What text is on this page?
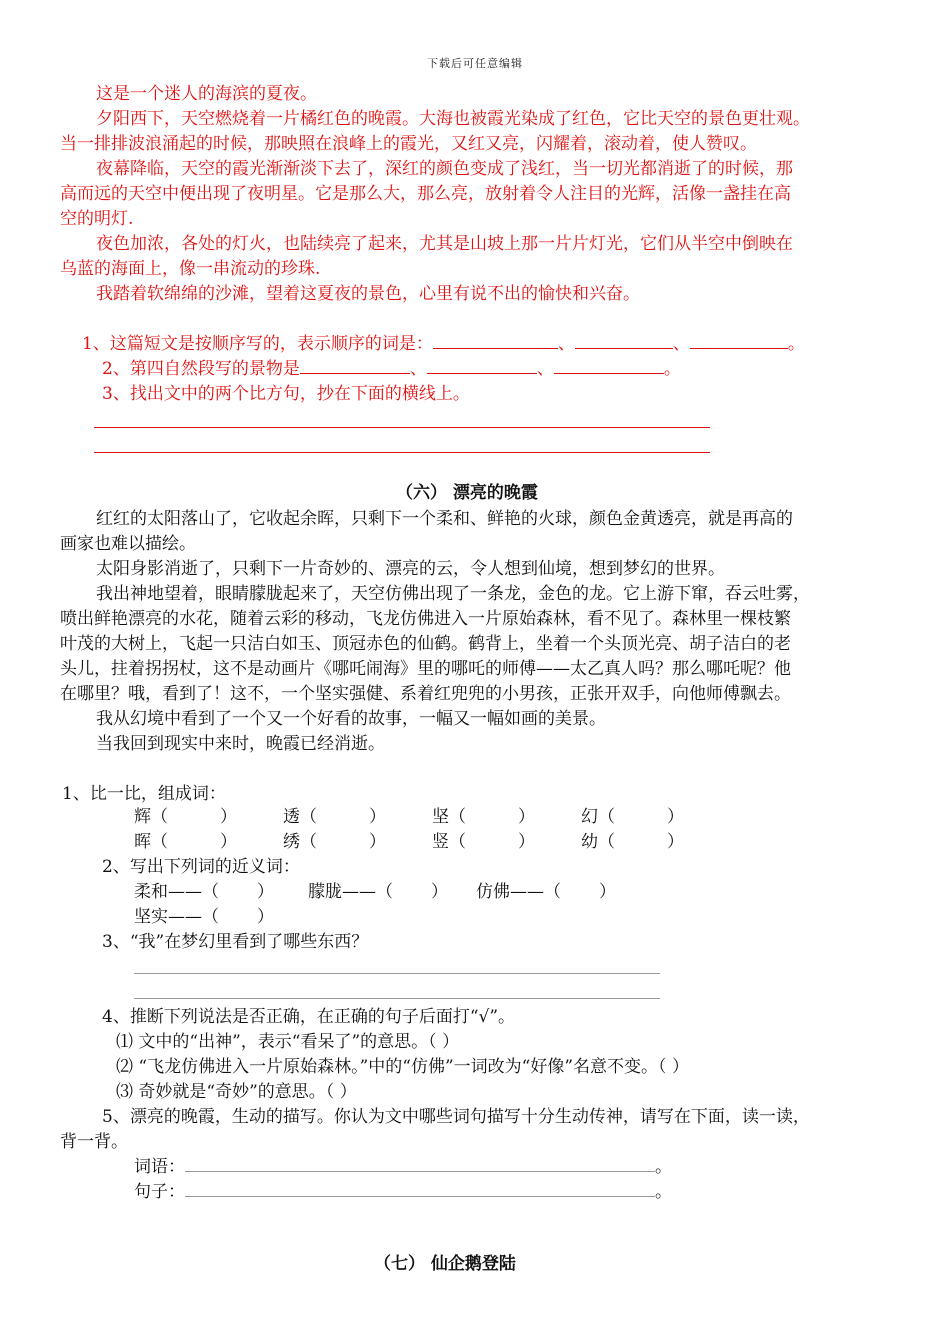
下载后可任意编辑
这是一个迷人的海滨的夏夜。
夕阳西下，天空燃烧着一片橘红色的晚霞。大海也被霞光染成了红色，它比天空的景色更壮观。
当一排排波浪涌起的时候，那映照在浪峰上的霞光，又红又亮，闪耀着，滚动着，使人赞叹。
夜幕降临，天空的霞光渐渐淡下去了，深红的颜色变成了浅红，当一切光都消逝了的时候，那
高而远的天空中便出现了夜明星。它是那么大，那么亮，放射着令人注目的光辉，活像一盏挂在高
空的明灯.
夜色加浓，各处的灯火，也陆续亮了起来，尤其是山坡上那一片片灯光，它们从半空中倒映在
乌蓝的海面上，像一串流动的珍珠.
我踏着软绵绵的沙滩，望着这夏夜的景色，心里有说不出的愉快和兴奋。
1、这篇短文是按顺序写的，表示顺序的词是：	、	、	。
2、第四自然段写的景物是	、	、	。
3、找出文中的两个比方句，抄在下面的横线上。
（六） 漂亮的晚霞
红红的太阳落山了，它收起余晖，只剩下一个柔和、鲜艳的火球，颜色金黄透亮，就是再高的
画家也难以描绘。
太阳身影消逝了，只剩下一片奇妙的、漂亮的云，令人想到仙境，想到梦幻的世界。
我出神地望着，眼睛朦胧起来了，天空仿佛出现了一条龙，金色的龙。它上游下窜，吞云吐雾，
喷出鲜艳漂亮的水花，随着云彩的移动，飞龙仿佛进入一片原始森林，看不见了。森林里一棵枝繁
叶茂的大树上，飞起一只洁白如玉、顶冠赤色的仙鹤。鹤背上，坐着一个头顶光亮、胡子洁白的老
头儿，拄着拐拐杖，这不是动画片《哪吒闹海》里的哪吒的师傅——太乙真人吗？那么哪吒呢？他
在哪里？哦，看到了！这不，一个坚实强健、系着红兜兜的小男孩，正张开双手，向他师傅飘去。
我从幻境中看到了一个又一个好看的故事，一幅又一幅如画的美景。
当我回到现实中来时，晚霞已经消逝。
1、比一比，组成词：
辉（	）	透（	）	坚（	）	幻（	）
晖（	）	绣（	）	竖（	）	幼（	）
2、写出下列词的近义词：
柔和——（ ） 朦胧——（ ） 仿佛——（ ）
坚实——（ ）
3、“我”在梦幻里看到了哪些东西？
4、推断下列说法是否正确，在正确的句子后面打“√”。
⑴ 文中的“出神”，表示“看呆了”的意思。（ ）
⑵ “飞龙仿佛进入一片原始森林。”中的“仿佛”一词改为“好像”名意不变。（ ）
⑶ 奇妙就是“奇妙”的意思。（ ）
5、漂亮的晚霞，生动的描写。你认为文中哪些词句描写十分生动传神，请写在下面，读一读，
背一背。
词语：	。
句子：	。
（七） 仙企鹅登陆
